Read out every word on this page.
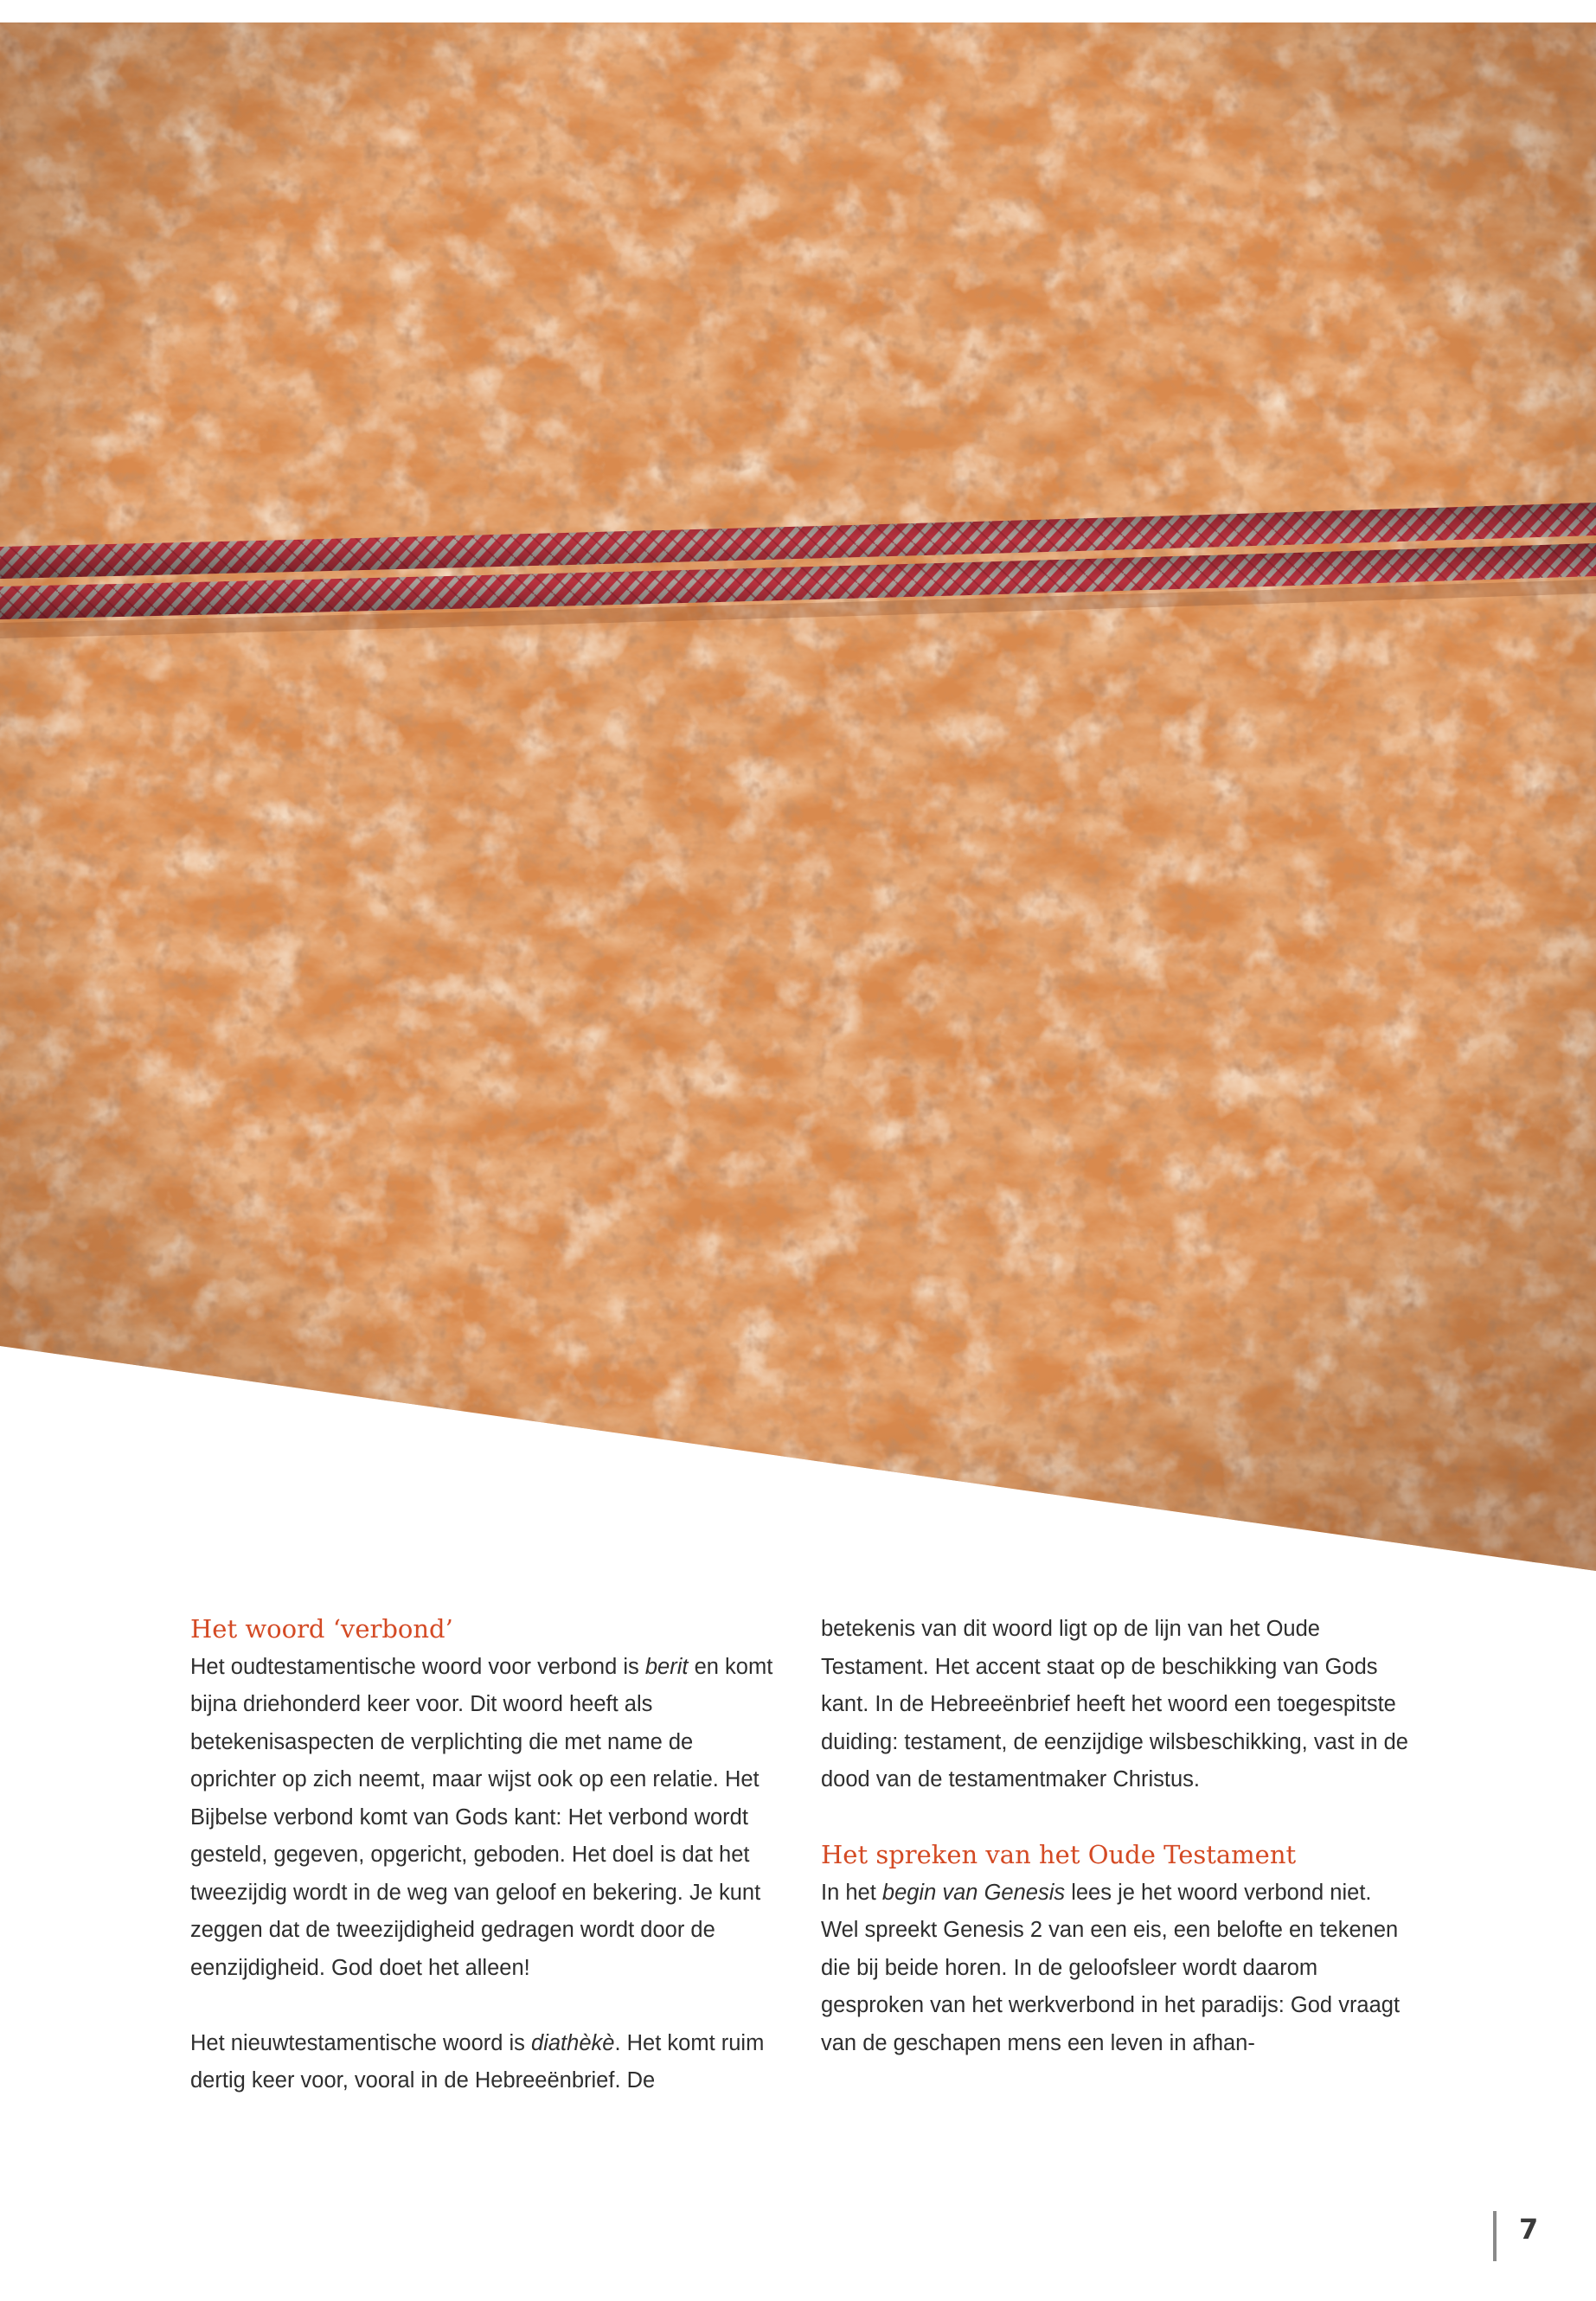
Het woord ‘verbond’

Het oudtestamentische woord voor verbond is berit en komt bijna driehonderd keer voor. Dit woord heeft als betekenisaspecten de verplichting die met name de oprichter op zich neemt, maar wijst ook op een relatie. Het Bijbelse verbond komt van Gods kant: Het verbond wordt gesteld, gegeven, opgericht, geboden. Het doel is dat het tweezijdig wordt in de weg van geloof en bekering. Je kunt zeggen dat de tweezijdigheid gedragen wordt door de eenzijdigheid. God doet het alleen!

Het nieuwtestamentische woord is diathèkè. Het komt ruim dertig keer voor, vooral in de Hebreeënbrief. De

betekenis van dit woord ligt op de lijn van het Oude Testament. Het accent staat op de beschikking van Gods kant. In de Hebreeënbrief heeft het woord een toegespitste duiding: testament, de eenzijdige wilsbeschikking, vast in de dood van de testamentmaker Christus.

Het spreken van het Oude Testament

In het begin van Genesis lees je het woord verbond niet. Wel spreekt Genesis 2 van een eis, een belofte en tekenen die bij beide horen. In de geloofsleer wordt daarom gesproken van het werkverbond in het paradijs: God vraagt van de geschapen mens een leven in afhan-

7
